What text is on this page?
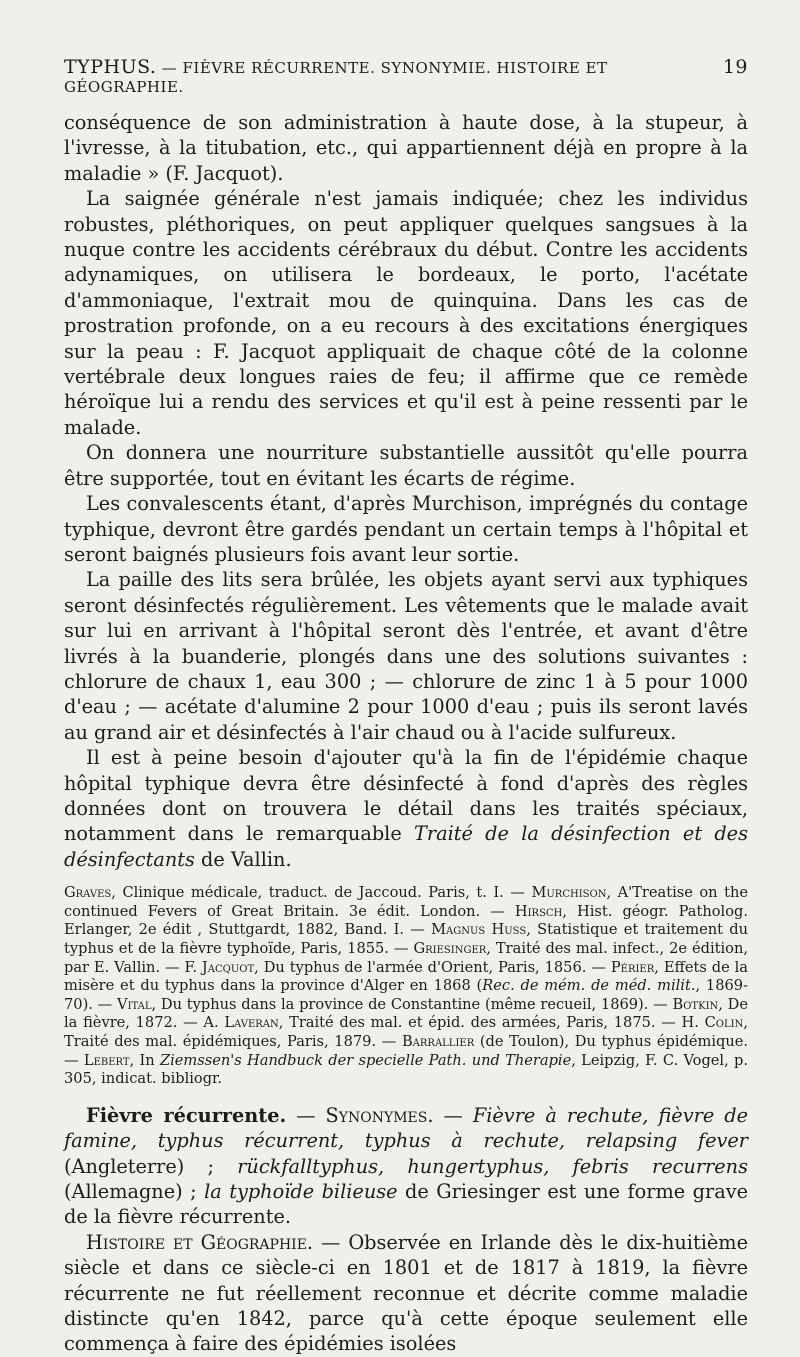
TYPHUS. — FIÈVRE RÉCURRENTE. SYNONYMIE. HISTOIRE ET GÉOGRAPHIE.
19

conséquence de son administration à haute dose, à la stupeur, à l'ivresse, à la titubation, etc., qui appartiennent déjà en propre à la maladie » (F. Jacquot).

La saignée générale n'est jamais indiquée; chez les individus robustes, pléthoriques, on peut appliquer quelques sangsues à la nuque contre les accidents cérébraux du début. Contre les accidents adynamiques, on utilisera le bordeaux, le porto, l'acétate d'ammoniaque, l'extrait mou de quinquina. Dans les cas de prostration profonde, on a eu recours à des excitations énergiques sur la peau : F. Jacquot appliquait de chaque côté de la colonne vertébrale deux longues raies de feu; il affirme que ce remède héroïque lui a rendu des services et qu'il est à peine ressenti par le malade.

On donnera une nourriture substantielle aussitôt qu'elle pourra être supportée, tout en évitant les écarts de régime.

Les convalescents étant, d'après Murchison, imprégnés du contage typhique, devront être gardés pendant un certain temps à l'hôpital et seront baignés plusieurs fois avant leur sortie.

La paille des lits sera brûlée, les objets ayant servi aux typhiques seront désinfectés régulièrement. Les vêtements que le malade avait sur lui en arrivant à l'hôpital seront dès l'entrée, et avant d'être livrés à la buanderie, plongés dans une des solutions suivantes : chlorure de chaux 1, eau 300 ; — chlorure de zinc 1 à 5 pour 1000 d'eau ; — acétate d'alumine 2 pour 1000 d'eau ; puis ils seront lavés au grand air et désinfectés à l'air chaud ou à l'acide sulfureux.

Il est à peine besoin d'ajouter qu'à la fin de l'épidémie chaque hôpital typhique devra être désinfecté à fond d'après des règles données dont on trouvera le détail dans les traités spéciaux, notamment dans le remarquable Traité de la désinfection et des désinfectants de Vallin.

Graves, Clinique médicale, traduct. de Jaccoud. Paris, t. I. — Murchison, A'Treatise on the continued Fevers of Great Britain. 3e édit. London. — Hirsch, Hist. géogr. Patholog. Erlanger, 2e édit , Stuttgardt, 1882, Band. I. — Magnus Huss, Statistique et traitement du typhus et de la fièvre typhoïde, Paris, 1855. — Griesinger, Traité des mal. infect., 2e édition, par E. Vallin. — F. Jacquot, Du typhus de l'armée d'Orient, Paris, 1856. — Périer, Effets de la misère et du typhus dans la province d'Alger en 1868 (Rec. de mém. de méd. milit., 1869-70). — Vital, Du typhus dans la province de Constantine (même recueil, 1869). — Botkin, De la fièvre, 1872. — A. Laveran, Traité des mal. et épid. des armées, Paris, 1875. — H. Colin, Traité des mal. épidémiques, Paris, 1879. — Barrallier (de Toulon), Du typhus épidémique. — Lebert, In Ziemssen's Handbuck der specielle Path. und Therapie, Leipzig, F. C. Vogel, p. 305, indicat. bibliogr.

Fièvre récurrente. — Synonymes. — Fièvre à rechute, fièvre de famine, typhus récurrent, typhus à rechute, relapsing fever (Angleterre) ; rückfalltyphus, hungertyphus, febris recurrens (Allemagne) ; la typhoïde bilieuse de Griesinger est une forme grave de la fièvre récurrente.

Histoire et Géographie. — Observée en Irlande dès le dix-huitième siècle et dans ce siècle-ci en 1801 et de 1817 à 1819, la fièvre récurrente ne fut réellement reconnue et décrite comme maladie distincte qu'en 1842, parce qu'à cette époque seulement elle commença à faire des épidémies isolées
